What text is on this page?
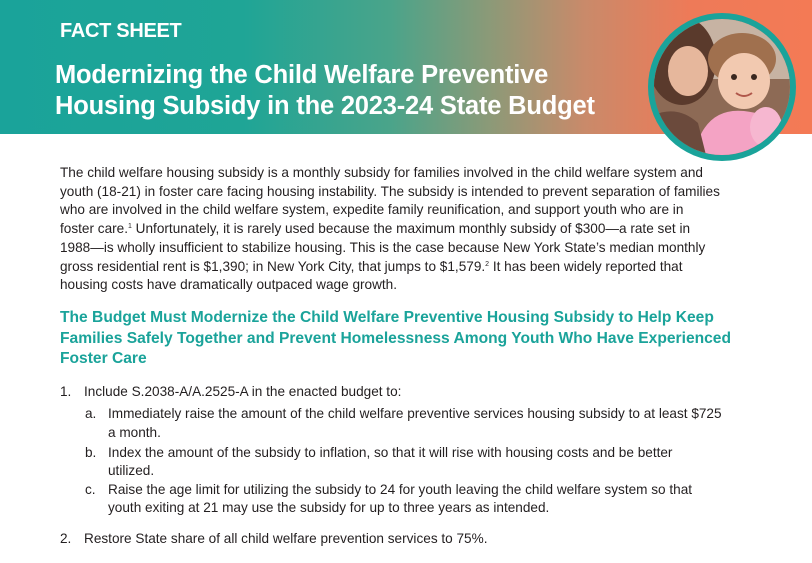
FACT SHEET
Modernizing the Child Welfare Preventive
Housing Subsidy in the 2023-24 State Budget
The child welfare housing subsidy is a monthly subsidy for families involved in the child welfare system and
youth (18-21) in foster care facing housing instability. The subsidy is intended to prevent separation of families
who are involved in the child welfare system, expedite family reunification, and support youth who are in
foster care.$^1$ Unfortunately, it is rarely used because the maximum monthly subsidy of $300—a rate set in
1988—is wholly insufficient to stabilize housing. This is the case because New York State’s median monthly
gross residential rent is $1,390; in New York City, that jumps to $1,579.$^2$ It has been widely reported that
housing costs have dramatically outpaced wage growth.
The Budget Must Modernize the Child Welfare Preventive Housing Subsidy to Help Keep
Families Safely Together and Prevent Homelessness Among Youth Who Have Experienced
Foster Care
1. Include S.2038-A/A.2525-A in the enacted budget to:
a. Immediately raise the amount of the child welfare preventive services housing subsidy to at least $725
a month.
b. Index the amount of the subsidy to inflation, so that it will rise with housing costs and be better
utilized.
c. Raise the age limit for utilizing the subsidy to 24 for youth leaving the child welfare system so that
youth exiting at 21 may use the subsidy for up to three years as intended.
2. Restore State share of all child welfare prevention services to 75%.
